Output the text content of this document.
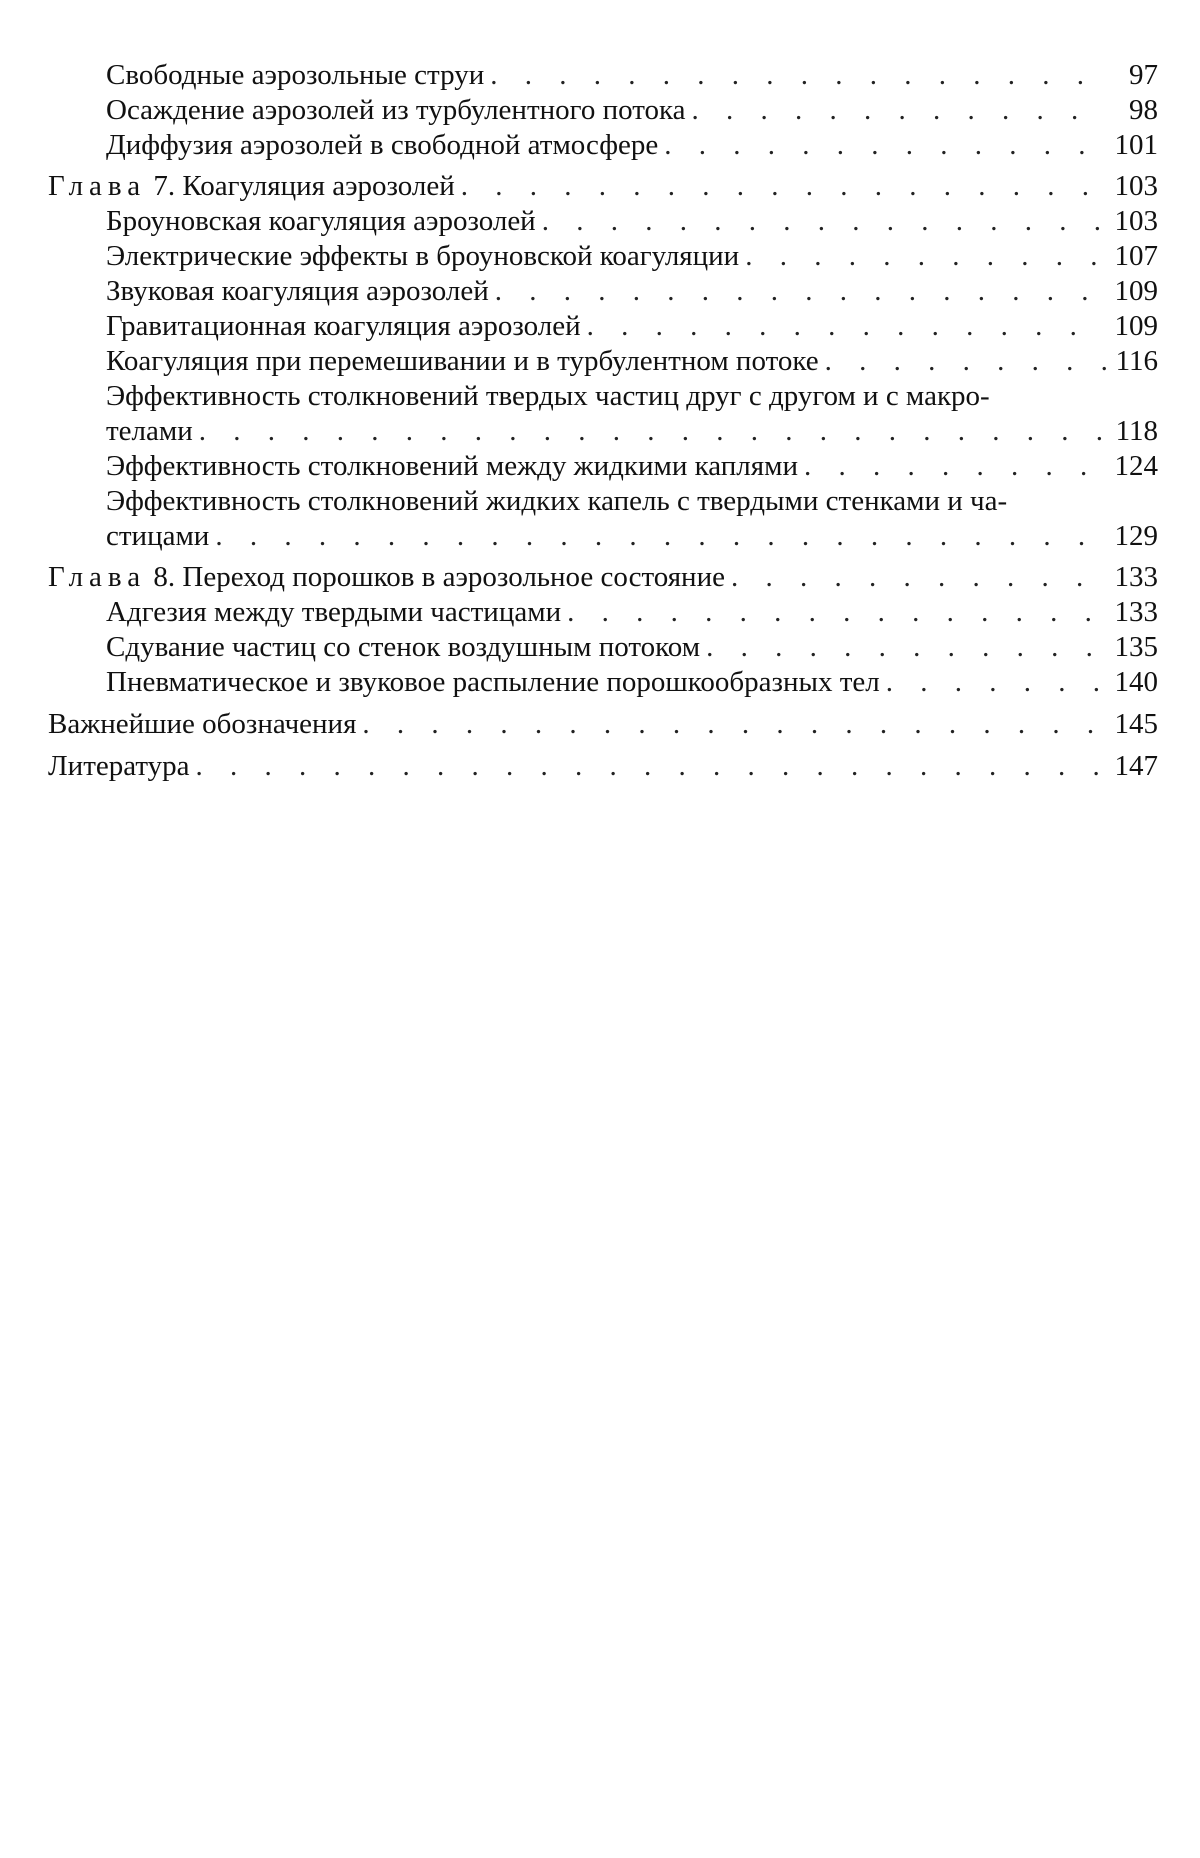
Свободные аэрозольные струи . . .	97
Осаждение аэрозолей из турбулентного потока . . .	98
Диффузия аэрозолей в свободной атмосфере . . .	101
Глава 7. Коагуляция аэрозолей . . .	103
Броуновская коагуляция аэрозолей . . .	103
Электрические эффекты в броуновской коагуляции . . .	107
Звуковая коагуляция аэрозолей . . .	109
Гравитационная коагуляция аэрозолей . . .	109
Коагуляция при перемешивании и в турбулентном потоке . . .	116
Эффективность столкновений твердых частиц друг с другом и с макро-
телами . . .	118
Эффективность столкновений между жидкими каплями . . .	124
Эффективность столкновений жидких капель с твердыми стенками и ча-
стицами . . .	129
Глава 8. Переход порошков в аэрозольное состояние . . .	133
Адгезия между твердыми частицами . . .	133
Сдувание частиц со стенок воздушным потоком . . .	135
Пневматическое и звуковое распыление порошкообразных тел . . .	140
Важнейшие обозначения . . .	145
Литература . . .	147
